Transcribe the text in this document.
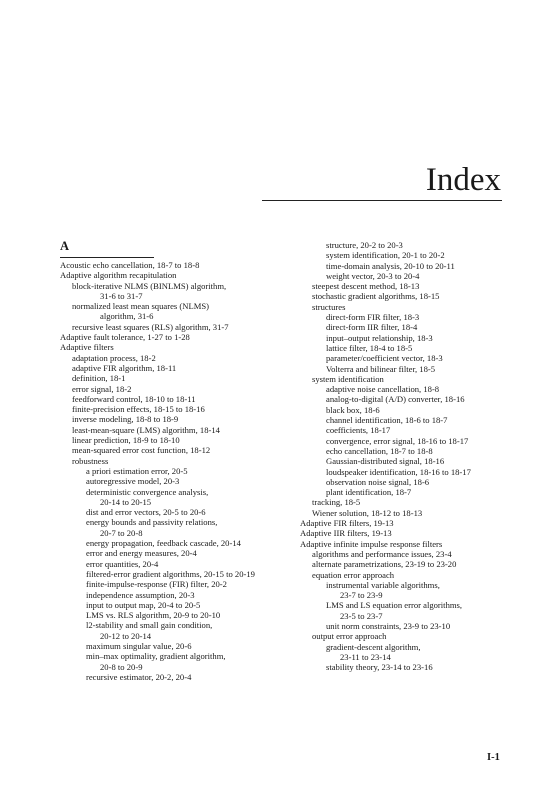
Index
A
Acoustic echo cancellation, 18-7 to 18-8
Adaptive algorithm recapitulation
block-iterative NLMS (BINLMS) algorithm,
31-6 to 31-7
normalized least mean squares (NLMS)
algorithm, 31-6
recursive least squares (RLS) algorithm, 31-7
Adaptive fault tolerance, 1-27 to 1-28
Adaptive filters
adaptation process, 18-2
adaptive FIR algorithm, 18-11
definition, 18-1
error signal, 18-2
feedforward control, 18-10 to 18-11
finite-precision effects, 18-15 to 18-16
inverse modeling, 18-8 to 18-9
least-mean-square (LMS) algorithm, 18-14
linear prediction, 18-9 to 18-10
mean-squared error cost function, 18-12
robustness
a priori estimation error, 20-5
autoregressive model, 20-3
deterministic convergence analysis,
20-14 to 20-15
dist and error vectors, 20-5 to 20-6
energy bounds and passivity relations,
20-7 to 20-8
energy propagation, feedback cascade, 20-14
error and energy measures, 20-4
error quantities, 20-4
filtered-error gradient algorithms, 20-15 to 20-19
finite-impulse-response (FIR) filter, 20-2
independence assumption, 20-3
input to output map, 20-4 to 20-5
LMS vs. RLS algorithm, 20-9 to 20-10
l2-stability and small gain condition,
20-12 to 20-14
maximum singular value, 20-6
min–max optimality, gradient algorithm,
20-8 to 20-9
recursive estimator, 20-2, 20-4
structure, 20-2 to 20-3
system identification, 20-1 to 20-2
time-domain analysis, 20-10 to 20-11
weight vector, 20-3 to 20-4
steepest descent method, 18-13
stochastic gradient algorithms, 18-15
structures
direct-form FIR filter, 18-3
direct-form IIR filter, 18-4
input–output relationship, 18-3
lattice filter, 18-4 to 18-5
parameter/coefficient vector, 18-3
Volterra and bilinear filter, 18-5
system identification
adaptive noise cancellation, 18-8
analog-to-digital (A/D) converter, 18-16
black box, 18-6
channel identification, 18-6 to 18-7
coefficients, 18-17
convergence, error signal, 18-16 to 18-17
echo cancellation, 18-7 to 18-8
Gaussian-distributed signal, 18-16
loudspeaker identification, 18-16 to 18-17
observation noise signal, 18-6
plant identification, 18-7
tracking, 18-5
Wiener solution, 18-12 to 18-13
Adaptive FIR filters, 19-13
Adaptive IIR filters, 19-13
Adaptive infinite impulse response filters
algorithms and performance issues, 23-4
alternate parametrizations, 23-19 to 23-20
equation error approach
instrumental variable algorithms,
23-7 to 23-9
LMS and LS equation error algorithms,
23-5 to 23-7
unit norm constraints, 23-9 to 23-10
output error approach
gradient-descent algorithm,
23-11 to 23-14
stability theory, 23-14 to 23-16
I-1
